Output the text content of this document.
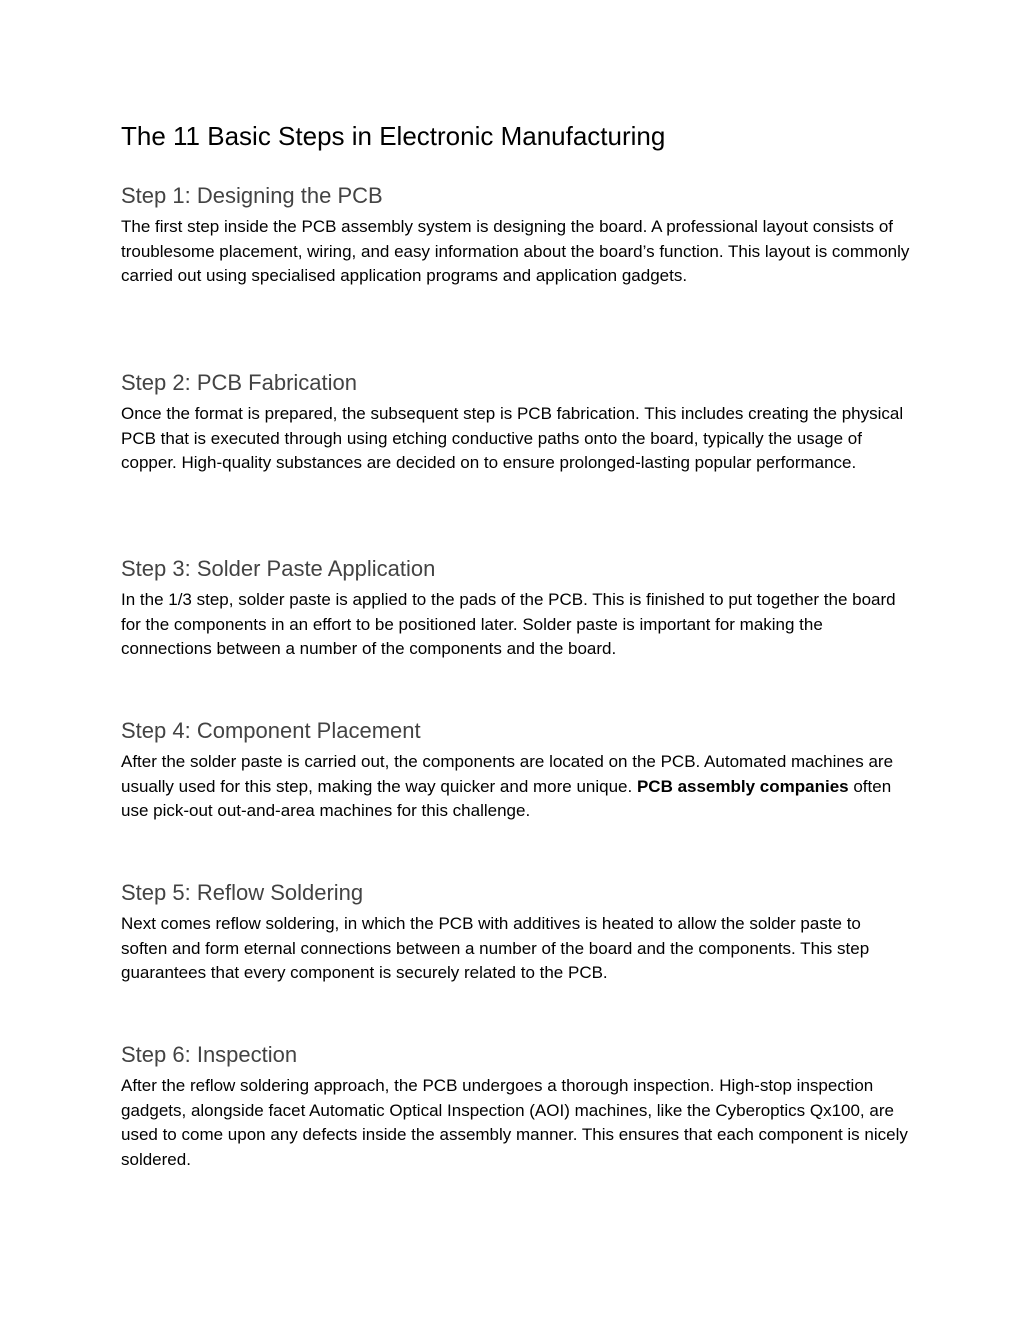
The 11 Basic Steps in Electronic Manufacturing
Step 1: Designing the PCB

The first step inside the PCB assembly system is designing the board. A professional layout consists of troublesome placement, wiring, and easy information about the board’s function. This layout is commonly carried out using specialised application programs and application gadgets.

Step 2: PCB Fabrication

Once the format is prepared, the subsequent step is PCB fabrication. This includes creating the physical PCB that is executed through using etching conductive paths onto the board, typically the usage of copper. High-quality substances are decided on to ensure prolonged-lasting popular performance.

Step 3: Solder Paste Application

In the 1/3 step, solder paste is applied to the pads of the PCB. This is finished to put together the board for the components in an effort to be positioned later. Solder paste is important for making the connections between a number of the components and the board.

Step 4: Component Placement

After the solder paste is carried out, the components are located on the PCB. Automated machines are usually used for this step, making the way quicker and more unique. PCB assembly companies often use pick-out out-and-area machines for this challenge.

Step 5: Reflow Soldering

Next comes reflow soldering, in which the PCB with additives is heated to allow the solder paste to soften and form eternal connections between a number of the board and the components. This step guarantees that every component is securely related to the PCB.

Step 6: Inspection

After the reflow soldering approach, the PCB undergoes a thorough inspection. High-stop inspection gadgets, alongside facet Automatic Optical Inspection (AOI) machines, like the Cyberoptics Qx100, are used to come upon any defects inside the assembly manner. This ensures that each component is nicely soldered.
